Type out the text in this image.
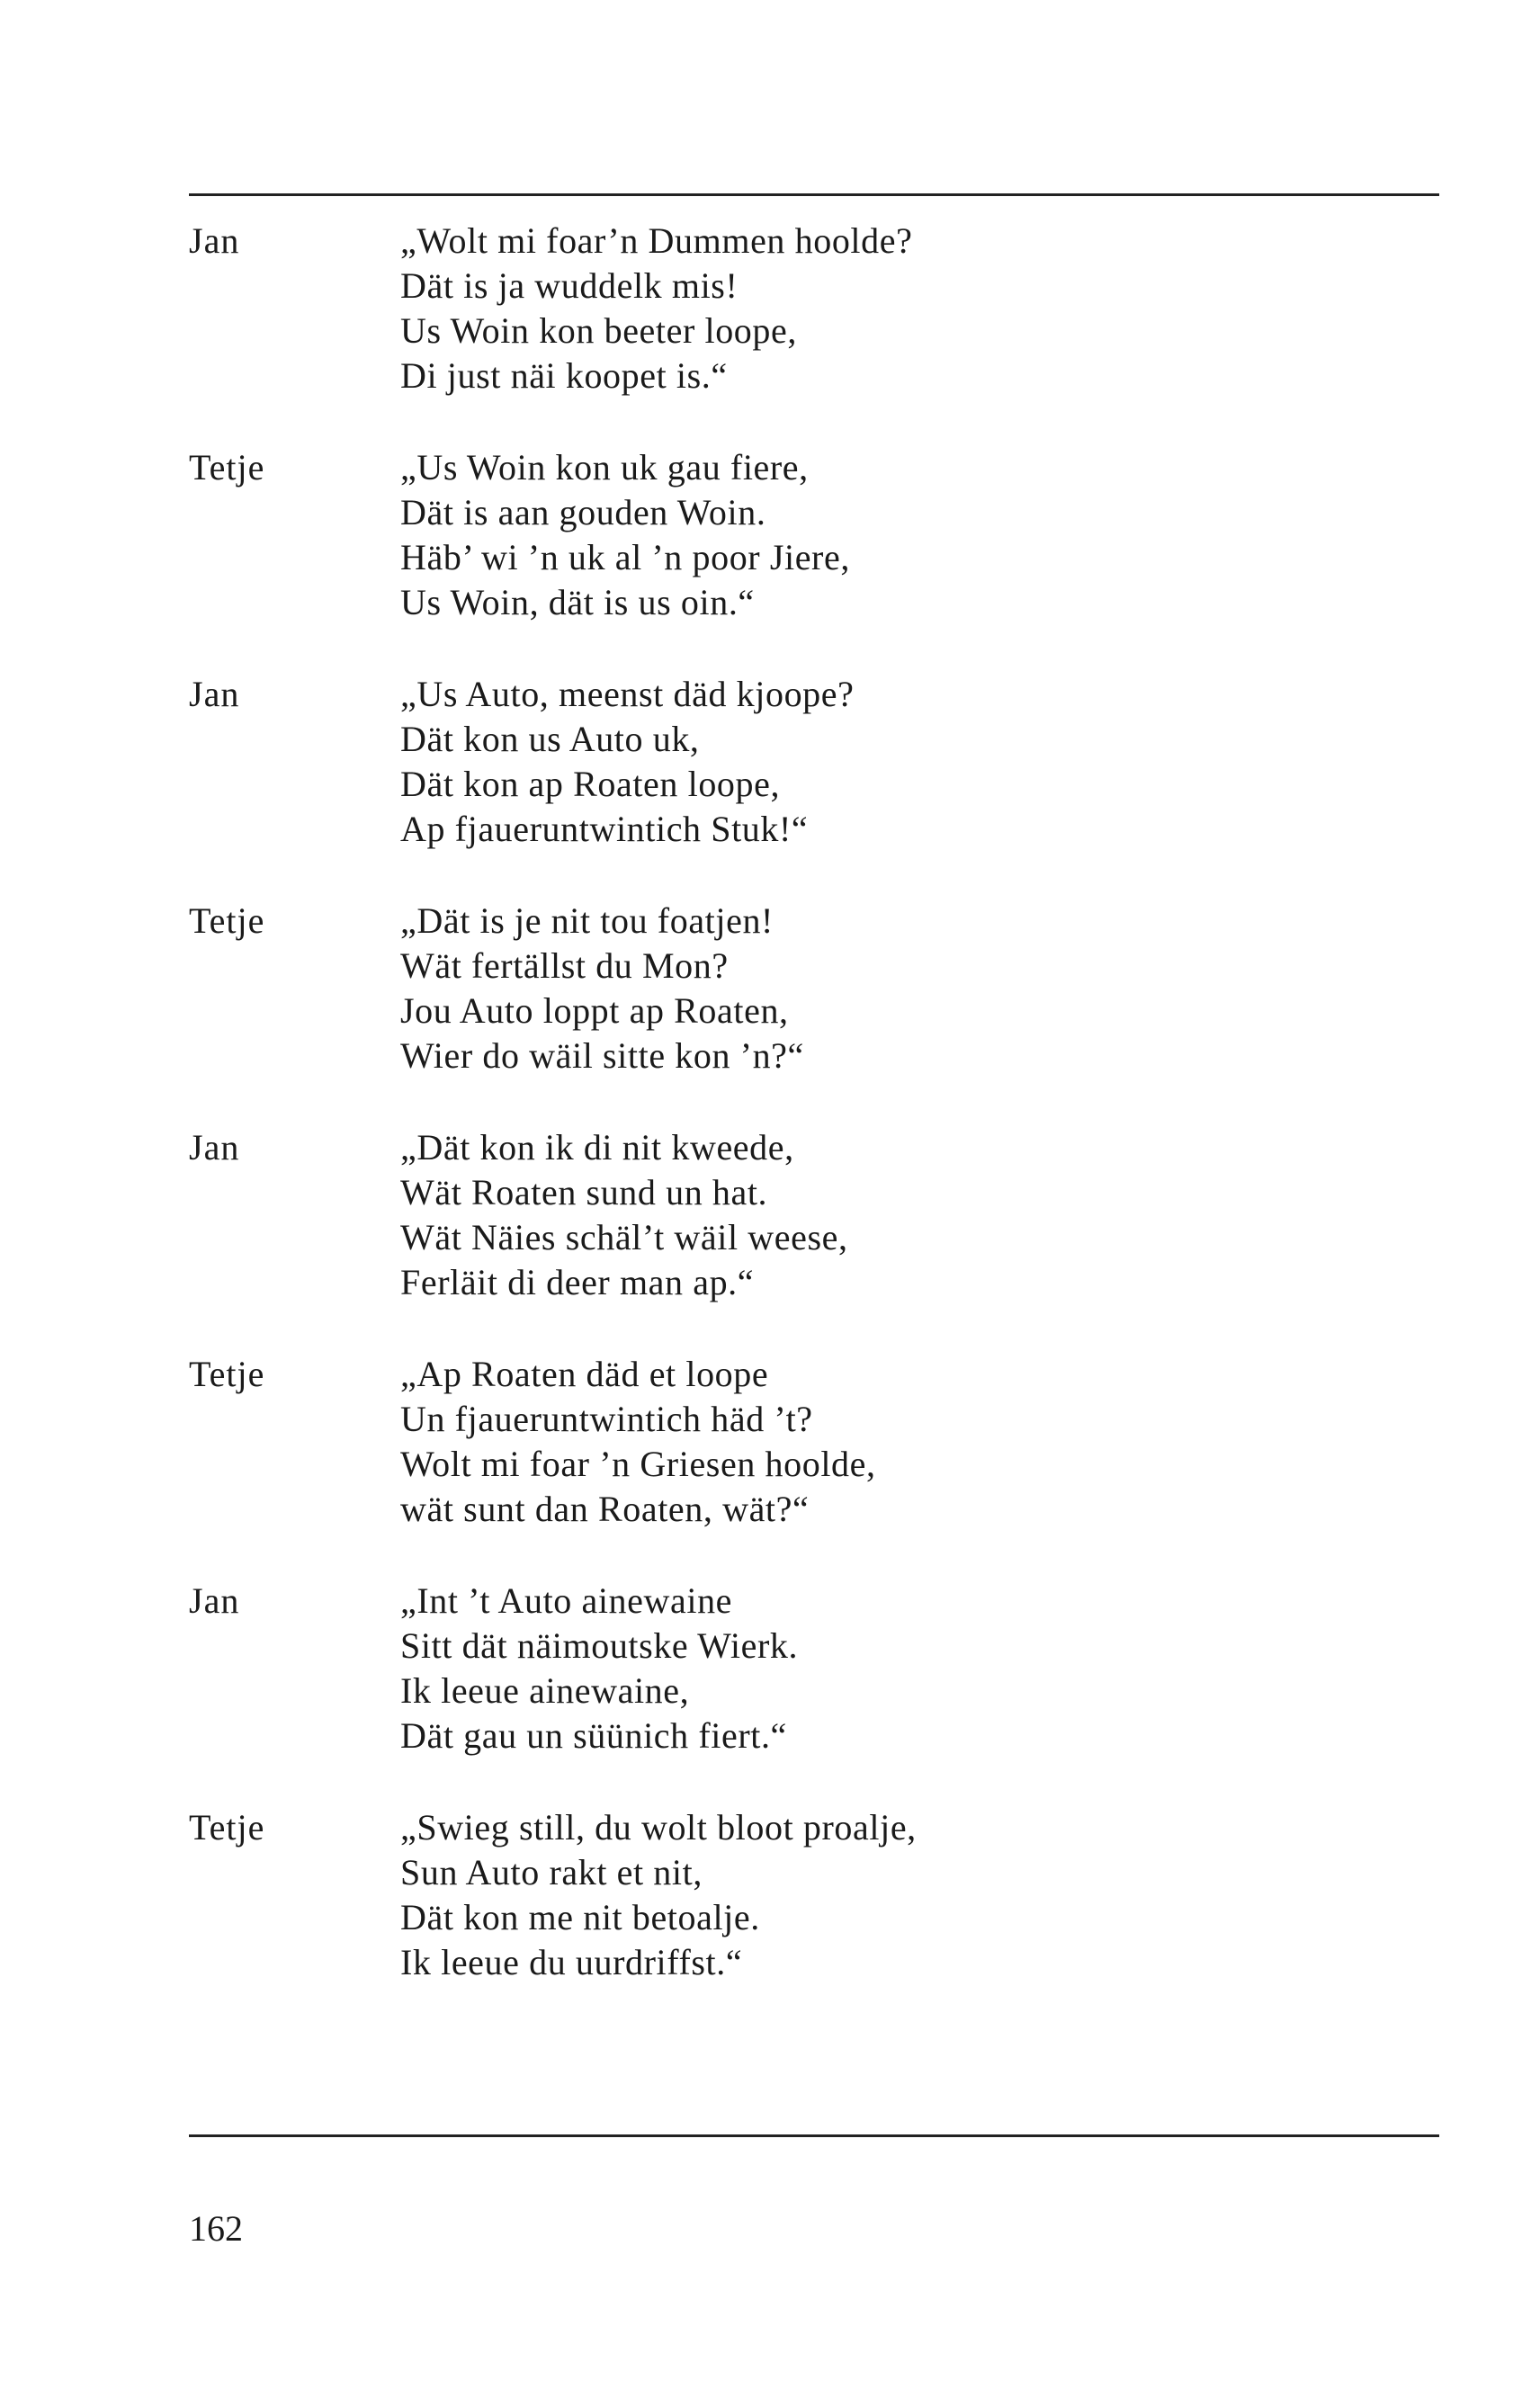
Jan	„Wolt mi foar’n Dummen hoolde?
Dät is ja wuddelk mis!
Us Woin kon beeter loope,
Di just näi koopet is.“
Tetje	„Us Woin kon uk gau fiere,
Dät is aan gouden Woin.
Häb’ wi ’n uk al ’n poor Jiere,
Us Woin, dät is us oin.“
Jan	„Us Auto, meenst däd kjoope?
Dät kon us Auto uk,
Dät kon ap Roaten loope,
Ap fjaueruntwintich Stuk!“
Tetje	„Dät is je nit tou foatjen!
Wät fertällst du Mon?
Jou Auto loppt ap Roaten,
Wier do wäil sitte kon ’n?“
Jan	„Dät kon ik di nit kweede,
Wät Roaten sund un hat.
Wät Näies schäl’t wäil weese,
Ferläit di deer man ap.“
Tetje	„Ap Roaten däd et loope
Un fjaueruntwintich häd ’t?
Wolt mi foar ’n Griesen hoolde,
wät sunt dan Roaten, wät?“
Jan	„Int ’t Auto ainewaine
Sitt dät näimoutske Wierk.
Ik leeue ainewaine,
Dät gau un süünich fiert.“
Tetje	„Swieg still, du wolt bloot proalje,
Sun Auto rakt et nit,
Dät kon me nit betoalje.
Ik leeue du uurdriffst.“
162
